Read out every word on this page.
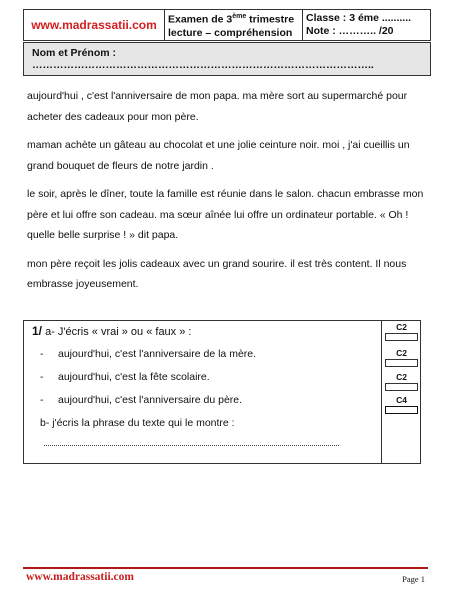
www.madrassatii.com Examen de 3ème trimestre
lecture – compréhension
Classe : 3 éme ..........
Note : ……….. /20
Nom et Prénom : ……………………………………………………………………………………..

aujourd'hui , c'est l'anniversaire de mon papa. ma mère sort au supermarché pour acheter des cadeaux pour mon père.

maman achète un gâteau au chocolat et une jolie ceinture noir. moi , j'ai cueillis un grand bouquet de fleurs de notre jardin .

le soir, après le dîner, toute la famille est réunie dans le salon. chacun embrasse mon père et lui offre son cadeau. ma sœur aînée lui offre un ordinateur portable. « Oh ! quelle belle surprise ! » dit papa.

mon père reçoit les jolis cadeaux avec un grand sourire. il est très content. Il nous embrasse joyeusement.

1/ a- J'écris « vrai » ou « faux » :
- aujourd'hui, c'est l'anniversaire de la mère.
- aujourd'hui, c'est la fête scolaire.
- aujourd'hui, c'est l'anniversaire du père.
b- j'écris la phrase du texte qui le montre :
C2
C2
C2
C4
www.madrassatii.com	Page 1
